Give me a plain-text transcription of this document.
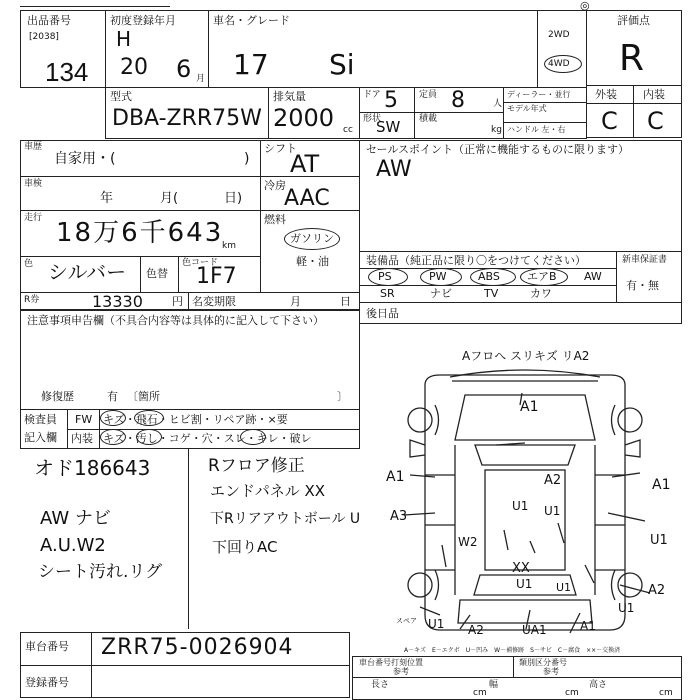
◎
出品番号
[2038]
134
初度登録年月
H
20 6 月
車名・グレード
17 Si
2WD
4WD
評価点
R
外装 内装
C C
型式
DBA-ZRR75W
排気量
2000 cc
ドア 5
形状
SW
定員 8	人
積載
kg
ディーラー・並行
モデル年式
ハンドル 左・右
車歴
自家用・(	)
車検
年	月(	日)
走行 18万6千643
km
色 シルバー 色替
色コード
1F7
シフト
AT
冷房
AAC
燃料
ガソリン
軽・油
R券	13330	円 名変期限	月	日
セールスポイント（正常に機能するものに限ります）
AW
装備品（純正品に限り〇をつけてください）	新車保証書
有・無
PS	PW	ABS エアB AW
SR	ナビ	TV	カワ
注意事項申告欄（不具合内容等は具体的に記入して下さい）
修復歴	有 〔箇所	〕
後日品
検査員
記入欄
FW キズ・飛石・ヒビ割・リペア跡・×要
内装 キズ・汚し・コゲ・穴・スレ・キレ・破レ
オド186643
AW ナビ
A.U.W2
シート汚れ.リグ
Rフロア修正
エンドパネル XX
下Rリアアウトボール U
下回りAC
Aフロへ スリキズ リA2
A1
A1	A2	A1
A3
U1
W2
U1
U1
XX
U1	A2
U1 A2	UA1	A1
U1
U1
スペア
車台番号 ZRR75-0026904
登録番号
A－キズ　E－エクボ　U－凹み　W－補修跡　S－サビ　C－腐食　××－交換済
車台番号打刻位置
参考
類別区分番号
参考
長さ
cm
幅
cm
高さ
cm
